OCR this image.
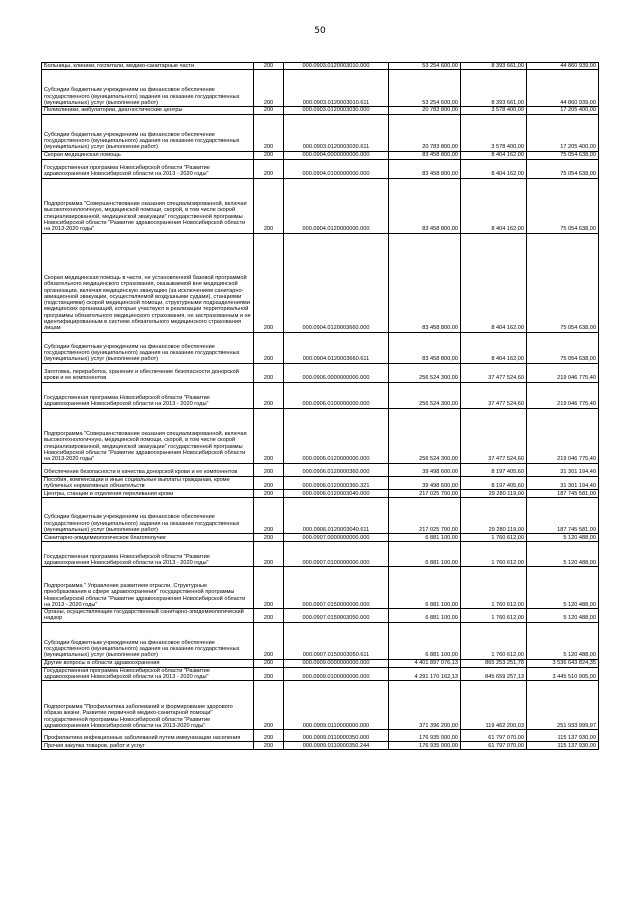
50
Больницы, клиники, госпитали, медико-санитарные части	200	000.0903.0120003010.000	53 254 600,00	8 393 661,00	44 860 939,00
Субсидии бюджетным учреждениям на финансовое обеспечение государственного (муниципального) задания на оказание государственных (муниципальных) услуг (выполнение работ)	200	000.0903.0120003010.611	53 254 600,00	8 393 661,00	44 860 939,00
Поликлиники, амбулатории, диагностические центры	200	000.0903.0120003030.000	20 783 800,00	3 578 400,00	17 205 400,00
Субсидии бюджетным учреждениям на финансовое обеспечение государственного (муниципального) задания на оказание государственных (муниципальных) услуг (выполнение работ)	200	000.0903.0120003030.611	20 783 800,00	3 578 400,00	17 205 400,00
Скорая медицинская помощь	200	000.0904.0000000000.000	83 458 800,00	8 404 162,00	75 054 638,00
Государственная программа Новосибирской области "Развитие здравоохранения Новосибирской области на 2013 - 2020 годы"	200	000.0904.0100000000.000	83 458 800,00	8 404 162,00	75 054 638,00
Подпрограмма "Совершенствование оказания специализированной, включая высокотехнологичную, медицинской помощи, скорой, в том числе скорой специализированной, медицинской эвакуации" государственной программы Новосибирской области "Развитие здравоохранения Новосибирской области на 2013-2020 годы"	200	000.0904.0120000000.000	83 458 800,00	8 404 162,00	75 054 638,00
Скорая медицинская помощь в части, не установленной базовой программой обязательного медицинского страхования, оказываемой вне медицинской организации, включая медицинскую эвакуацию (за исключением санитарно-авиационной эвакуации, осуществляемой воздушными судами), станциями (подстанциями) скорой медицинской помощи, структурными подразделениями медицинских организаций, которые участвуют в реализации территориальной программы обязательного медицинского страхования, не застрахованным и не идентифицированным в системе обязательного медицинского страхования лицам	200	000.0904.0120003660.000	83 458 800,00	8 404 162,00	75 054 638,00
Субсидии бюджетным учреждениям на финансовое обеспечение государственного (муниципального) задания на оказание государственных (муниципальных) услуг (выполнение работ)	200	000.0904.0120003660.611	83 458 800,00	8 404 162,00	75 054 638,00
Заготовка, переработка, хранение и обеспечение безопасности донорской крови и ее компонентов	200	000.0906.0000000000.000	256 524 300,00	37 477 524,60	219 046 775,40
Государственная программа Новосибирской области "Развитие здравоохранения Новосибирской области на 2013 - 2020 годы"	200	000.0906.0100000000.000	256 524 300,00	37 477 524,60	219 046 775,40
Подпрограмма "Совершенствование оказания специализированной, включая высокотехнологичную, медицинской помощи, скорой, в том числе скорой специализированной, медицинской эвакуации" государственной программы Новосибирской области "Развитие здравоохранения Новосибирской области на 2013-2020 годы"	200	000.0906.0120000000.000	256 524 300,00	37 477 524,60	219 046 775,40
Обеспечение безопасности и качества донорской крови и ее компонентов	200	000.0906.0120000360.000	39 498 600,00	8 197 405,60	31 301 194,40
Пособия, компенсации и иные социальные выплаты гражданам, кроме публичных нормативных обязательств	200	000.0906.0120000360.321	39 498 600,00	8 197 405,60	31 301 194,40
Центры, станции и отделения переливания крови	200	000.0906.0120003040.000	217 025 700,00	29 280 119,00	187 745 581,00
Субсидии бюджетным учреждениям на финансовое обеспечение государственного (муниципального) задания на оказание государственных (муниципальных) услуг (выполнение работ)	200	000.0906.0120003040.611	217 025 700,00	29 280 119,00	187 745 581,00
Санитарно-эпидемиологическое благополучие	200	000.0907.0000000000.000	6 881 100,00	1 760 612,00	5 120 488,00
Государственная программа Новосибирской области "Развитие здравоохранения Новосибирской области на 2013 - 2020 годы"	200	000.0907.0100000000.000	6 881 100,00	1 760 612,00	5 120 488,00
Подпрограмма " Управление развитием отрасли. Структурные преобразования в сфере здравоохранения" государственной программы Новосибирской области "Развитие здравоохранения Новосибирской области на 2013 - 2020 годы"	200	000.0907.0150000000.000	6 881 100,00	1 760 612,00	5 120 488,00
Органы, осуществляющие государственный санитарно-эпидемиологический надзор	200	000.0907.0150003050.000	6 881 100,00	1 760 612,00	5 120 488,00
Субсидии бюджетным учреждениям на финансовое обеспечение государственного (муниципального) задания на оказание государственных (муниципальных) услуг (выполнение работ)	200	000.0907.0150003050.611	6 881 100,00	1 760 612,00	5 120 488,00
Другие вопросы в области здравоохранения	200	000.0909.0000000000.000	4 401 897 076,13	865 253 251,78	3 536 643 824,35
Государственная программа Новосибирской области "Развитие здравоохранения Новосибирской области на 2013 - 2020 годы"	200	000.0909.0100000000.000	4 291 170 162,13	845 659 257,13	3 445 510 905,00
Подпрограмма "Профилактика заболеваний и формирование здорового образа жизни. Развитие первичной медико-санитарной помощи" государственной программы Новосибирской области "Развитие здравоохранения Новосибирской области на 2013-2020 годы"	200	000.0909.0110000000.000	371 396 200,00	119 462 200,03	251 933 999,97
Профилактика инфекционных заболеваний путем иммунизации населения	200	000.0909.0110000350.000	176 935 000,00	61 797 070,00	115 137 930,00
Прочая закупка товаров, работ и услуг	200	000.0909.0110000350.244	176 935 000,00	61 797 070,00	115 137 930,00
